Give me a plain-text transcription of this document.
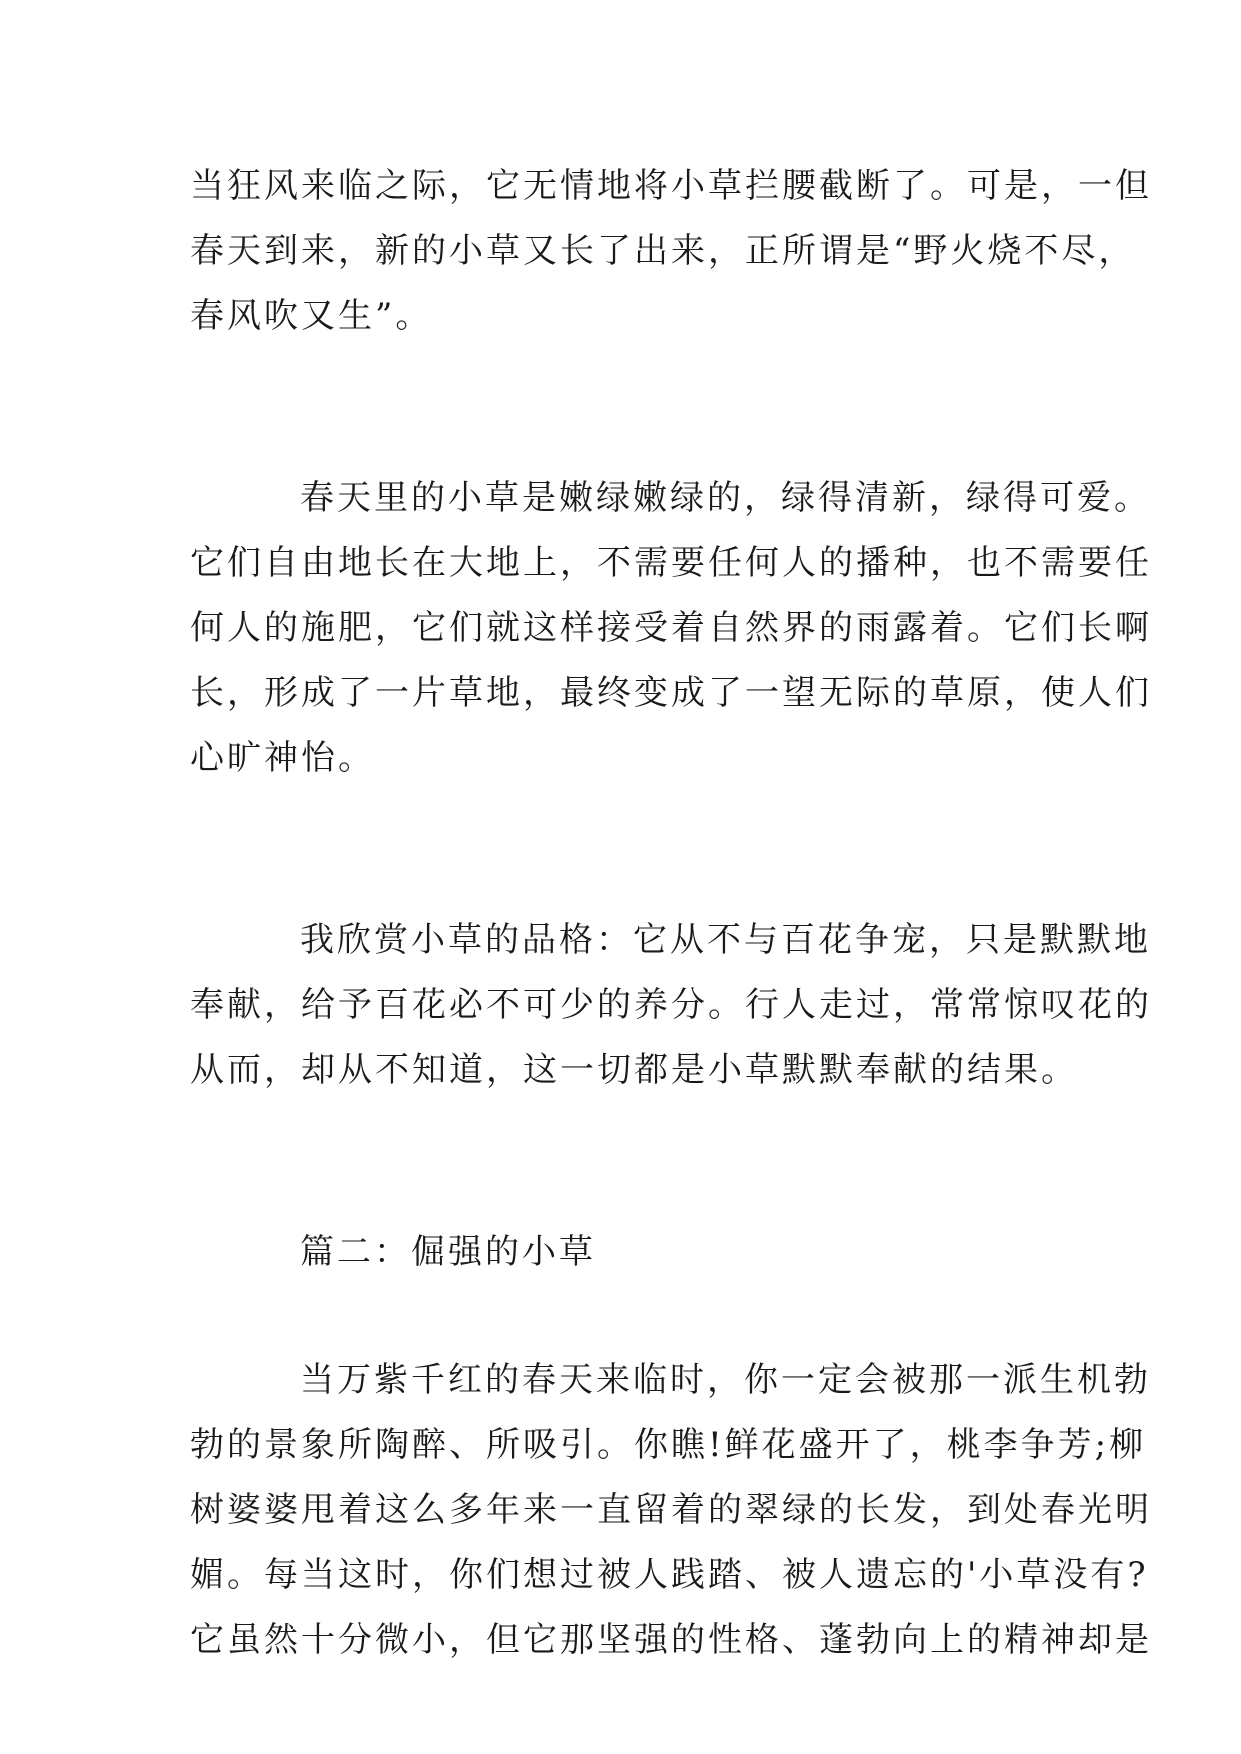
当狂风来临之际，它无情地将小草拦腰截断了。可是，一但
春天到来，新的小草又长了出来，正所谓是“野火烧不尽，
春风吹又生”。
春天里的小草是嫩绿嫩绿的，绿得清新，绿得可爱。
它们自由地长在大地上，不需要任何人的播种，也不需要任
何人的施肥，它们就这样接受着自然界的雨露着。它们长啊
长，形成了一片草地，最终变成了一望无际的草原，使人们
心旷神怡。
我欣赏小草的品格：它从不与百花争宠，只是默默地
奉献，给予百花必不可少的养分。行人走过，常常惊叹花的
从而，却从不知道，这一切都是小草默默奉献的结果。
篇二：倔强的小草
当万紫千红的春天来临时，你一定会被那一派生机勃
勃的景象所陶醉、所吸引。你瞧!鲜花盛开了，桃李争芳;柳
树婆婆甩着这么多年来一直留着的翠绿的长发，到处春光明
媚。每当这时，你们想过被人践踏、被人遗忘的'小草没有?
它虽然十分微小，但它那坚强的性格、蓬勃向上的精神却是
